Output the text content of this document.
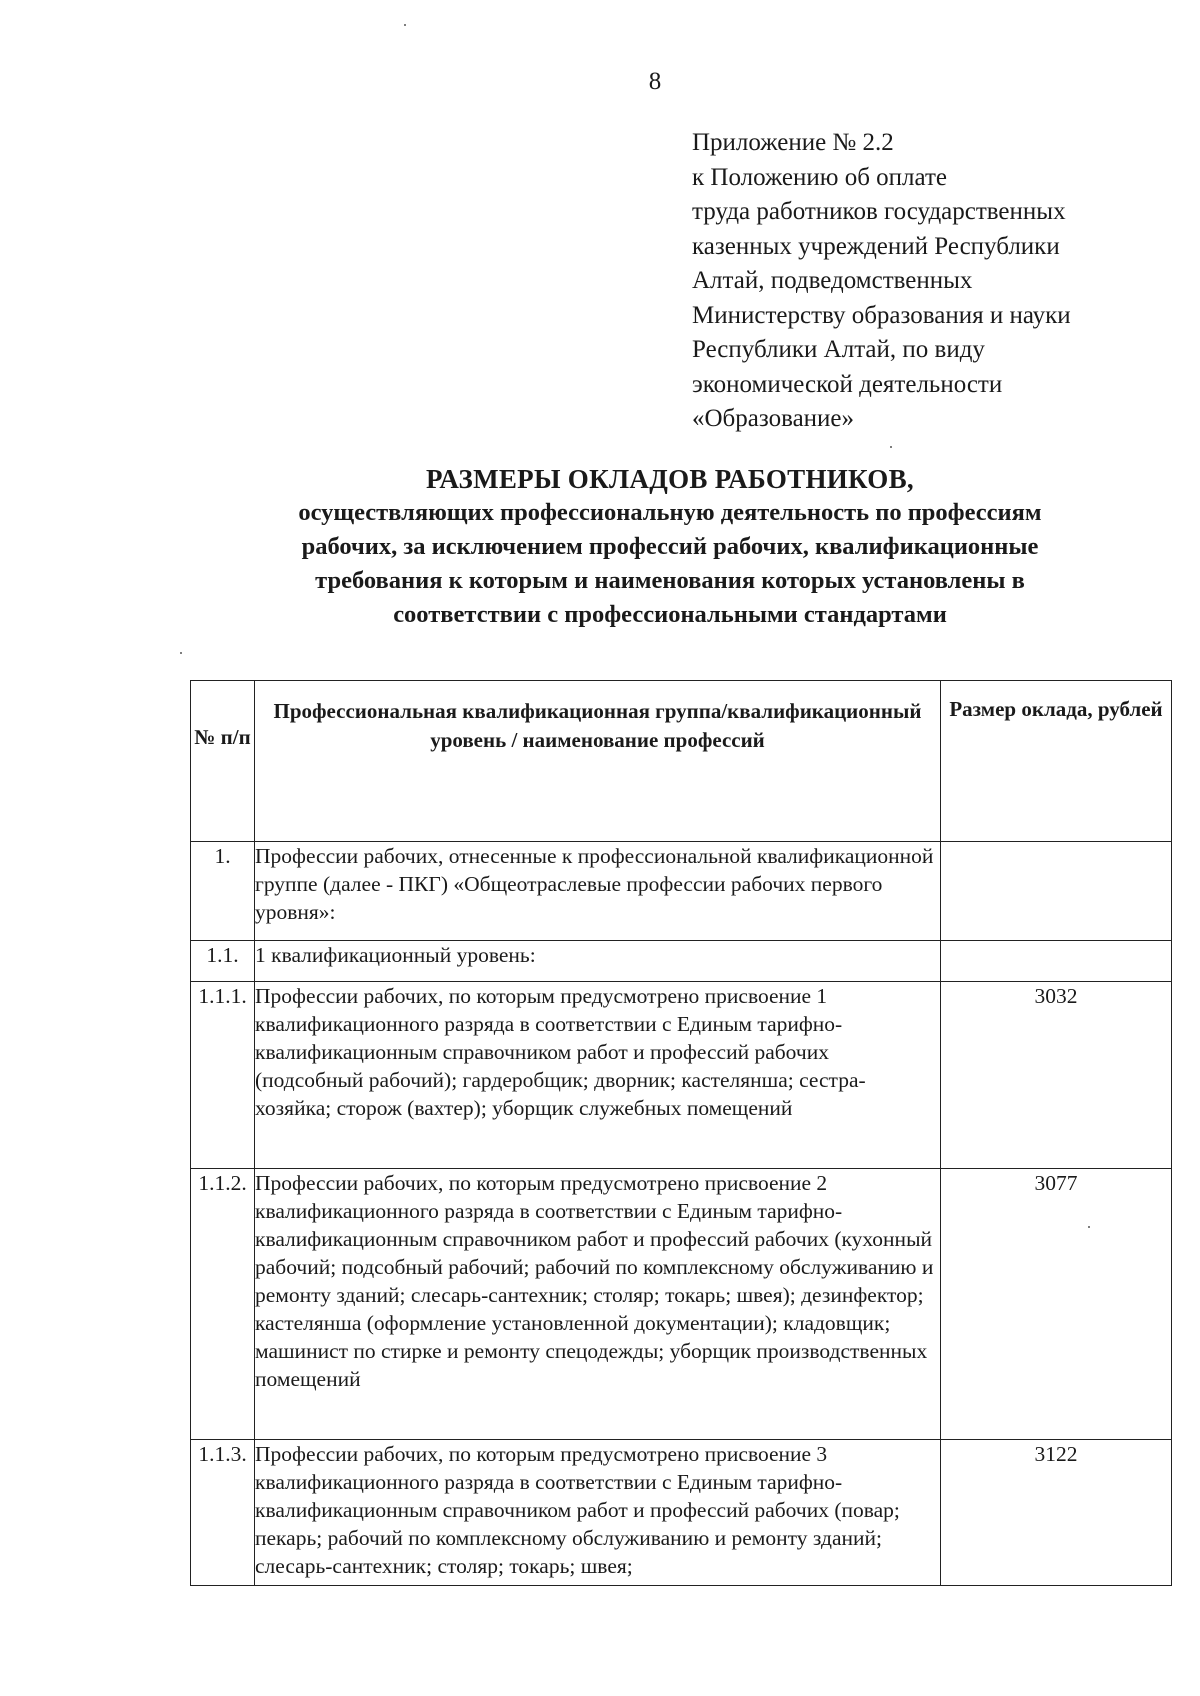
8
Приложение № 2.2
к Положению об оплате
труда работников государственных
казенных учреждений Республики
Алтай, подведомственных
Министерству образования и науки
Республики Алтай, по виду
экономической деятельности
«Образование»
РАЗМЕРЫ ОКЛАДОВ РАБОТНИКОВ,
осуществляющих профессиональную деятельность по профессиям
рабочих, за исключением профессий рабочих, квалификационные
требования к которым и наименования которых установлены в
соответствии с профессиональными стандартами
№ п/п	Профессиональная квалификационная группа/квалификационный уровень / наименование профессий	Размер оклада, рублей
1.	Профессии рабочих, отнесенные к профессиональной квалификационной группе (далее - ПКГ) «Общеотраслевые профессии рабочих первого уровня»:	
1.1.	1 квалификационный уровень:	
1.1.1.	Профессии рабочих, по которым предусмотрено присвоение 1 квалификационного разряда в соответствии с Единым тарифно-квалификационным справочником работ и профессий рабочих (подсобный рабочий); гардеробщик; дворник; кастелянша; сестра-хозяйка; сторож (вахтер); уборщик служебных помещений	3032
1.1.2.	Профессии рабочих, по которым предусмотрено присвоение 2 квалификационного разряда в соответствии с Единым тарифно-квалификационным справочником работ и профессий рабочих (кухонный рабочий; подсобный рабочий; рабочий по комплексному обслуживанию и ремонту зданий; слесарь-сантехник; столяр; токарь; швея); дезинфектор; кастелянша (оформление установленной документации); кладовщик; машинист по стирке и ремонту спецодежды; уборщик производственных помещений	3077
1.1.3.	Профессии рабочих, по которым предусмотрено присвоение 3 квалификационного разряда в соответствии с Единым тарифно-квалификационным справочником работ и профессий рабочих (повар; пекарь; рабочий по комплексному обслуживанию и ремонту зданий; слесарь-сантехник; столяр; токарь; швея;	3122
